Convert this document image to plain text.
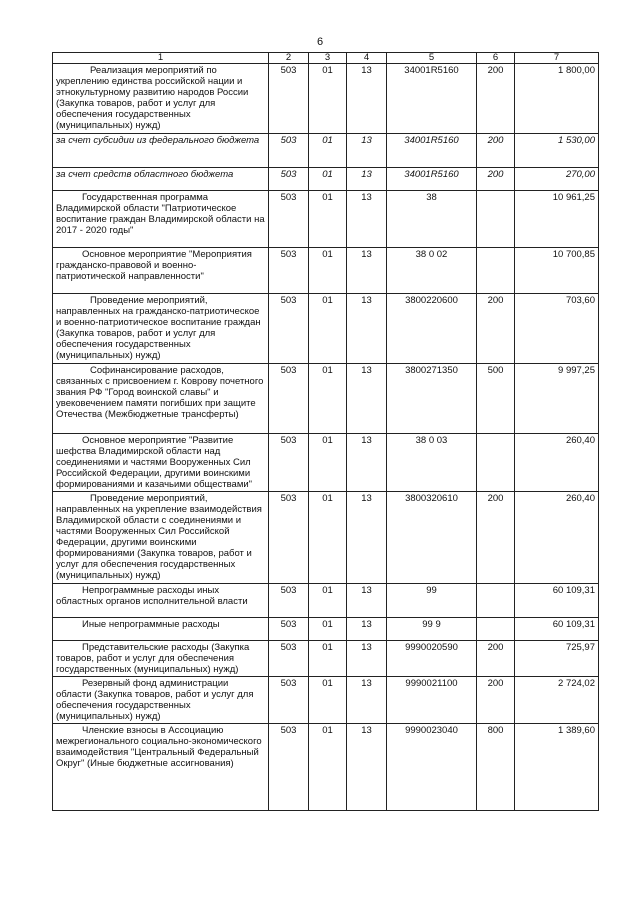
6
1	2	3	4	5	6	7
Реализация мероприятий по укреплению единства российской нации и этнокультурному развитию народов России (Закупка товаров, работ и услуг для обеспечения государственных (муниципальных) нужд)	503	01	13	34001R5160	200	1 800,00
за счет субсидии из федерального бюджета	503	01	13	34001R5160	200	1 530,00
за счет средств областного бюджета	503	01	13	34001R5160	200	270,00
Государственная программа Владимирской области "Патриотическое воспитание граждан Владимирской области на 2017 - 2020 годы"	503	01	13	38		10 961,25
Основное мероприятие "Мероприятия гражданско-правовой и военно-патриотической направленности"	503	01	13	38 0 02		10 700,85
Проведение мероприятий, направленных на гражданско-патриотическое и военно-патриотическое воспитание граждан (Закупка товаров, работ и услуг для обеспечения государственных (муниципальных) нужд)	503	01	13	3800220600	200	703,60
Софинансирование расходов, связанных с присвоением г. Коврову почетного звания РФ "Город воинской славы" и увековечением памяти погибших при защите Отечества (Межбюджетные трансферты)	503	01	13	3800271350	500	9 997,25
Основное мероприятие "Развитие шефства Владимирской области над соединениями и частями Вооруженных Сил Российской Федерации, другими воинскими формированиями и казачьими обществами"	503	01	13	38 0 03		260,40
Проведение мероприятий, направленных на укрепление взаимодействия Владимирской области с соединениями и частями Вооруженных Сил Российской Федерации, другими воинскими формированиями (Закупка товаров, работ и услуг для обеспечения государственных (муниципальных) нужд)	503	01	13	3800320610	200	260,40
Непрограммные расходы иных областных органов исполнительной власти	503	01	13	99		60 109,31
Иные непрограммные расходы	503	01	13	99 9		60 109,31
Представительские расходы (Закупка товаров, работ и услуг для обеспечения государственных (муниципальных) нужд)	503	01	13	9990020590	200	725,97
Резервный фонд администрации области (Закупка товаров, работ и услуг для обеспечения государственных (муниципальных) нужд)	503	01	13	9990021100	200	2 724,02
Членские взносы в Ассоциацию межрегионального социально-экономического взаимодействия "Центральный Федеральный Округ" (Иные бюджетные ассигнования)	503	01	13	9990023040	800	1 389,60
